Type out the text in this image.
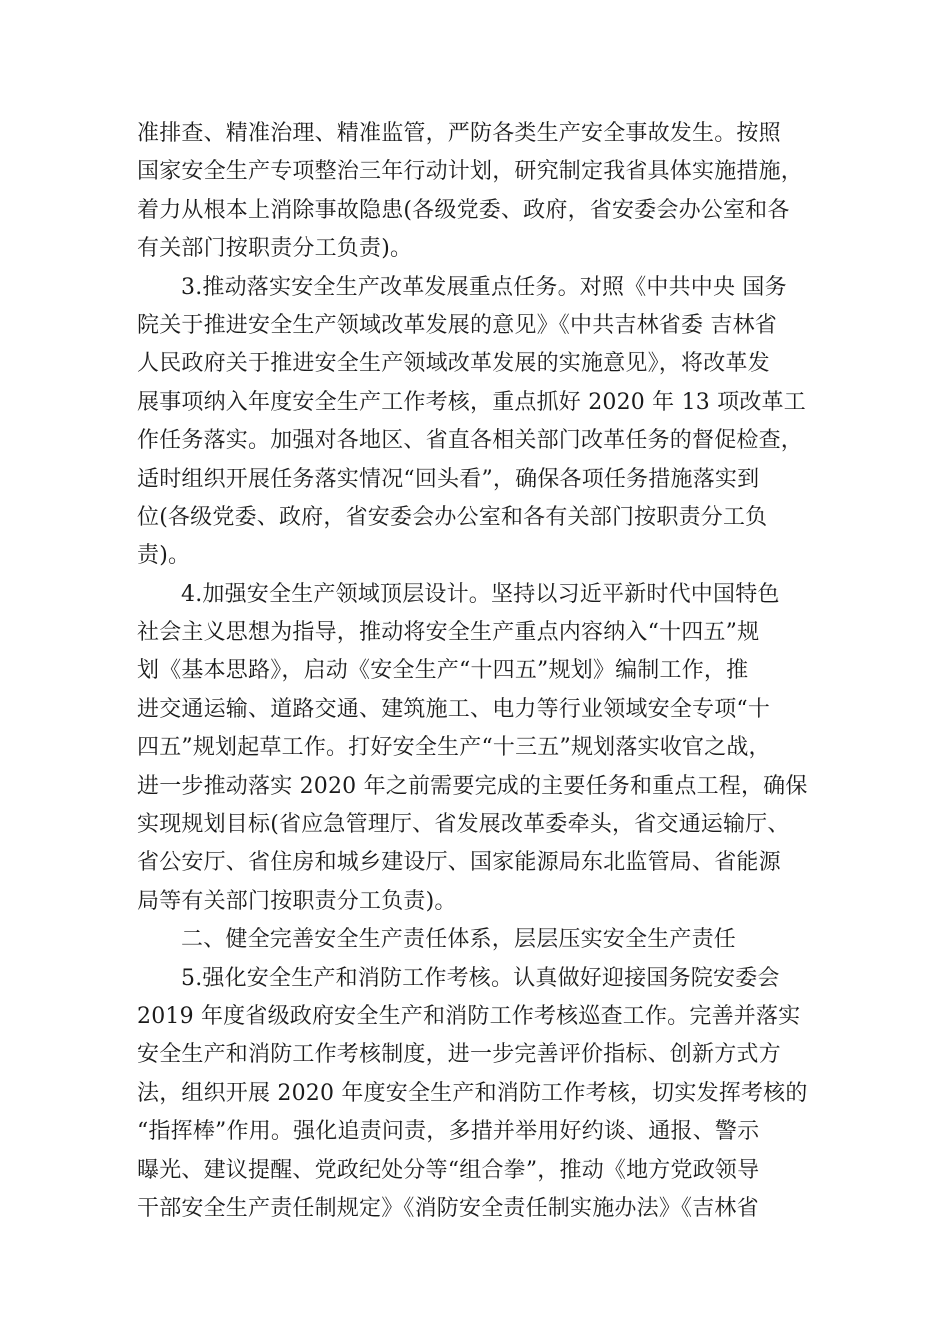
准排查、精准治理、精准监管，严防各类生产安全事故发生。按照
国家安全生产专项整治三年行动计划，研究制定我省具体实施措施，
着力从根本上消除事故隐患(各级党委、政府，省安委会办公室和各
有关部门按职责分工负责)。
3.推动落实安全生产改革发展重点任务。对照《中共中央 国务
院关于推进安全生产领域改革发展的意见》《中共吉林省委 吉林省
人民政府关于推进安全生产领域改革发展的实施意见》，将改革发
展事项纳入年度安全生产工作考核，重点抓好 2020 年 13 项改革工
作任务落实。加强对各地区、省直各相关部门改革任务的督促检查，
适时组织开展任务落实情况“回头看”，确保各项任务措施落实到
位(各级党委、政府，省安委会办公室和各有关部门按职责分工负
责)。
4.加强安全生产领域顶层设计。坚持以习近平新时代中国特色
社会主义思想为指导，推动将安全生产重点内容纳入“十四五”规
划《基本思路》，启动《安全生产“十四五”规划》编制工作，推
进交通运输、道路交通、建筑施工、电力等行业领域安全专项“十
四五”规划起草工作。打好安全生产“十三五”规划落实收官之战，
进一步推动落实 2020 年之前需要完成的主要任务和重点工程，确保
实现规划目标(省应急管理厅、省发展改革委牵头，省交通运输厅、
省公安厅、省住房和城乡建设厅、国家能源局东北监管局、省能源
局等有关部门按职责分工负责)。
二、健全完善安全生产责任体系，层层压实安全生产责任
5.强化安全生产和消防工作考核。认真做好迎接国务院安委会
2019 年度省级政府安全生产和消防工作考核巡查工作。完善并落实
安全生产和消防工作考核制度，进一步完善评价指标、创新方式方
法，组织开展 2020 年度安全生产和消防工作考核，切实发挥考核的
“指挥棒”作用。强化追责问责，多措并举用好约谈、通报、警示
曝光、建议提醒、党政纪处分等“组合拳”，推动《地方党政领导
干部安全生产责任制规定》《消防安全责任制实施办法》《吉林省
